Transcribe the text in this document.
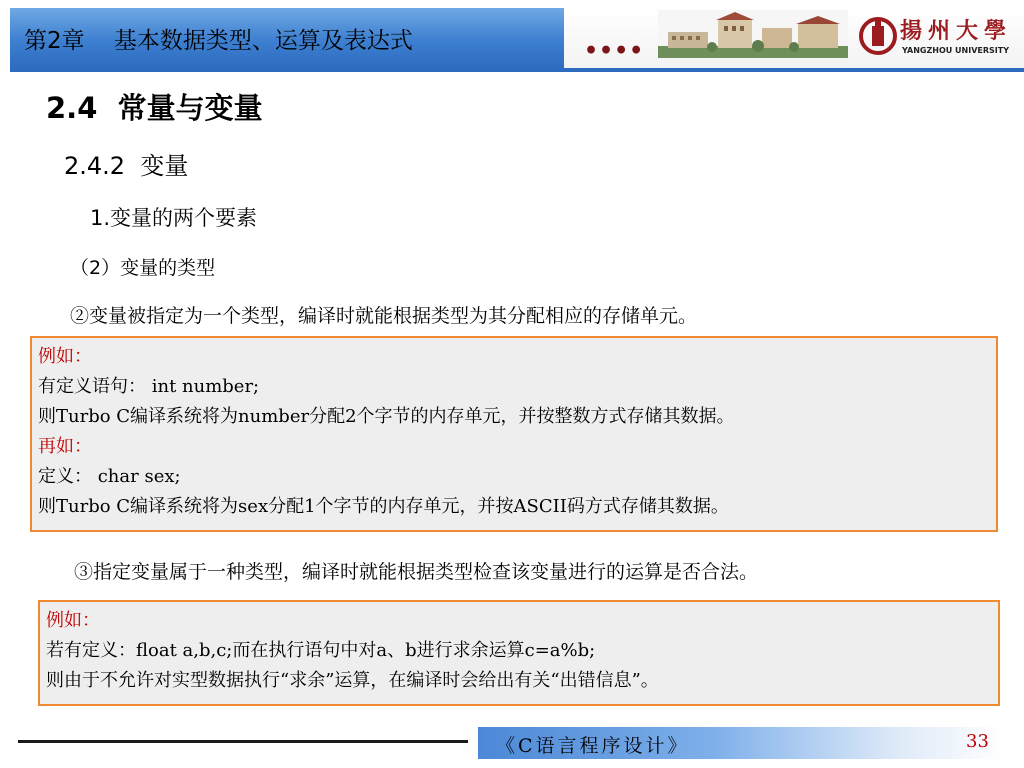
第2章    基本数据类型、运算及表达式	••••
揚州大學
YANGZHOU UNIVERSITY
2.4  常量与变量
2.4.2  变量
1.变量的两个要素
（2）变量的类型
②变量被指定为一个类型，编译时就能根据类型为其分配相应的存储单元。
例如：
有定义语句： int number;
则Turbo C编译系统将为number分配2个字节的内存单元，并按整数方式存储其数据。
再如：
定义： char sex;
则Turbo C编译系统将为sex分配1个字节的内存单元，并按ASCII码方式存储其数据。
③指定变量属于一种类型，编译时就能根据类型检查该变量进行的运算是否合法。
例如：
若有定义：float a,b,c;而在执行语句中对a、b进行求余运算c=a%b;
则由于不允许对实型数据执行“求余”运算，在编译时会给出有关“出错信息”。
《C语言程序设计》	33
